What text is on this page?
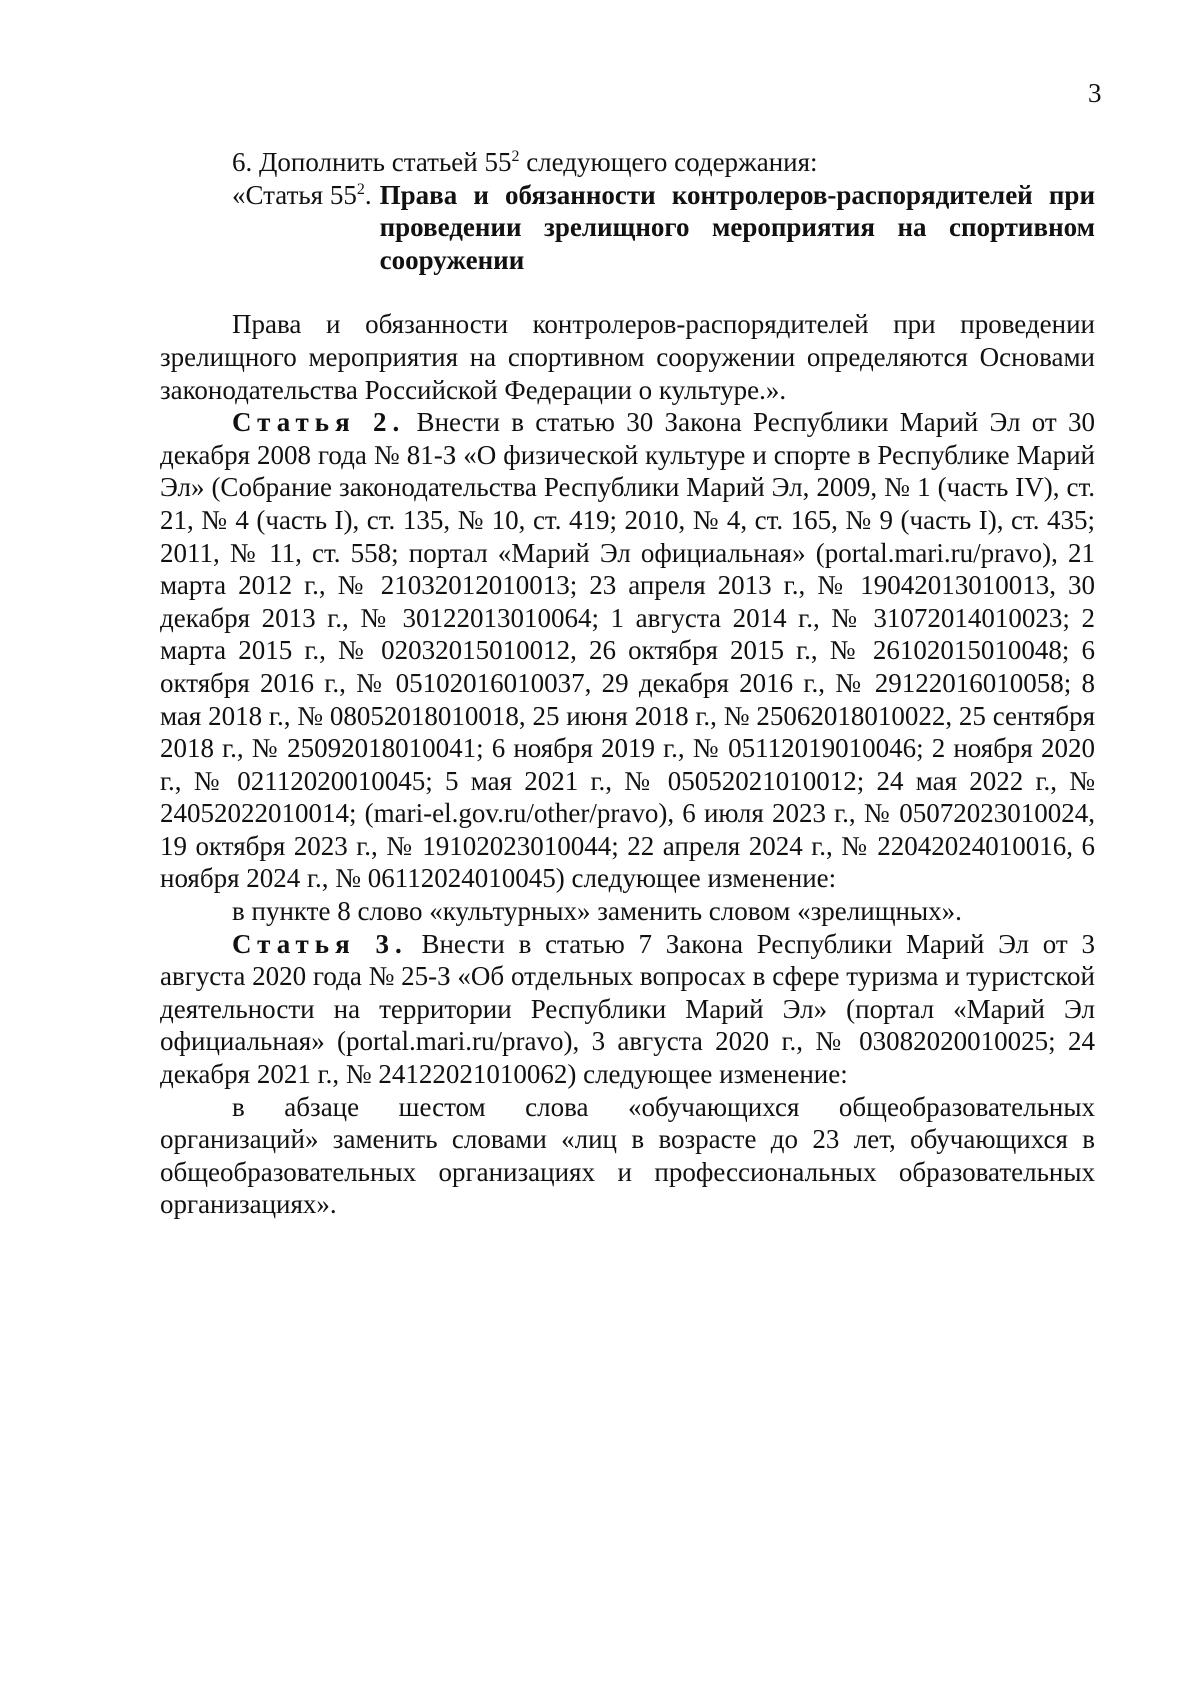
3

6. Дополнить статьей $55^2$ следующего содержания:

«Статья $55^2$. Права и обязанности контролеров-распорядителей при проведении зрелищного мероприятия на спортивном сооружении

Права и обязанности контролеров-распорядителей при проведении зрелищного мероприятия на спортивном сооружении определяются Основами законодательства Российской Федерации о культуре.».

Статья 2. Внести в статью 30 Закона Республики Марий Эл от 30 декабря 2008 года № 81-З «О физической культуре и спорте в Республике Марий Эл» (Собрание законодательства Республики Марий Эл, 2009, № 1 (часть IV), ст. 21, № 4 (часть I), ст. 135, № 10, ст. 419; 2010, № 4, ст. 165, № 9 (часть I), ст. 435; 2011, № 11, ст. 558; портал «Марий Эл официальная» (portal.mari.ru/pravo), 21 марта 2012 г., № 21032012010013; 23 апреля 2013 г., № 19042013010013, 30 декабря 2013 г., № 30122013010064; 1 августа 2014 г., № 31072014010023; 2 марта 2015 г., № 02032015010012, 26 октября 2015 г., № 26102015010048; 6 октября 2016 г., № 05102016010037, 29 декабря 2016 г., № 29122016010058; 8 мая 2018 г., № 08052018010018, 25 июня 2018 г., № 25062018010022, 25 сентября 2018 г., № 25092018010041; 6 ноября 2019 г., № 05112019010046; 2 ноября 2020 г., № 02112020010045; 5 мая 2021 г., № 05052021010012; 24 мая 2022 г., № 24052022010014; (mari-el.gov.ru/other/pravo), 6 июля 2023 г., № 05072023010024, 19 октября 2023 г., № 19102023010044; 22 апреля 2024 г., № 22042024010016, 6 ноября 2024 г., № 06112024010045) следующее изменение:

в пункте 8 слово «культурных» заменить словом «зрелищных».

Статья 3. Внести в статью 7 Закона Республики Марий Эл от 3 августа 2020 года № 25-З «Об отдельных вопросах в сфере туризма и туристской деятельности на территории Республики Марий Эл» (портал «Марий Эл официальная» (portal.mari.ru/pravo), 3 августа 2020 г., № 03082020010025; 24 декабря 2021 г., № 24122021010062) следующее изменение:

в абзаце шестом слова «обучающихся общеобразовательных организаций» заменить словами «лиц в возрасте до 23 лет, обучающихся в общеобразовательных организациях и профессиональных образовательных организациях».
